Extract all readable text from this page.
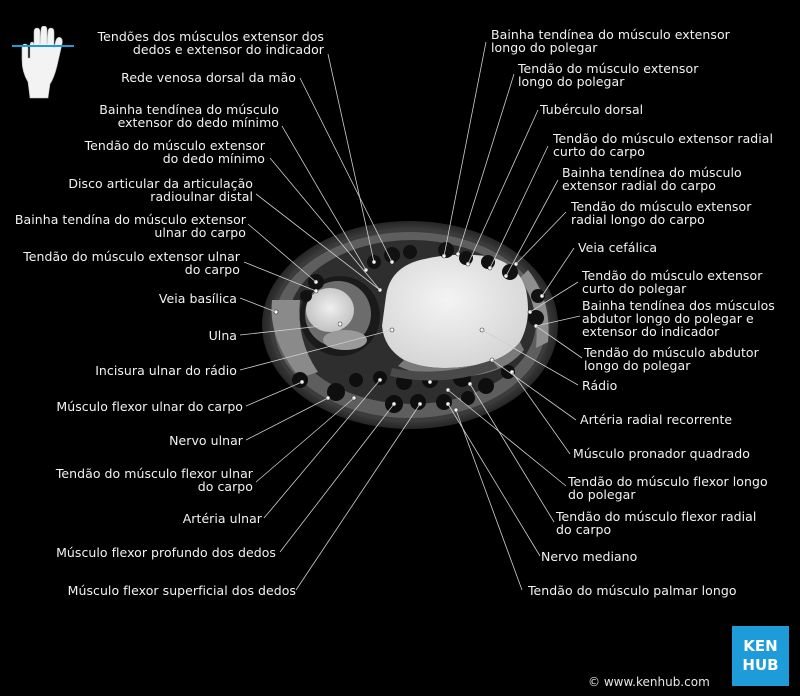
Tendões dos músculos extensor dos
dedos e extensor do indicador
Rede venosa dorsal da mão
Bainha tendínea do músculo
extensor do dedo mínimo
Tendão do músculo extensor
do dedo mínimo
Disco articular da articulação
radioulnar distal
Bainha tendína do músculo extensor
ulnar do carpo
Tendão do músculo extensor ulnar
do carpo
Veia basílica
Ulna
Incisura ulnar do rádio
Músculo flexor ulnar do carpo
Nervo ulnar
Tendão do músculo flexor ulnar
do carpo
Artéria ulnar
Músculo flexor profundo dos dedos
Músculo flexor superficial dos dedos
Bainha tendínea do músculo extensor
longo do polegar
Tendão do músculo extensor
longo do polegar
Tubérculo dorsal
Tendão do músculo extensor radial
curto do carpo
Bainha tendínea do músculo
extensor radial do carpo
Tendão do músculo extensor
radial longo do carpo
Veia cefálica
Tendão do músculo extensor
curto do polegar
Bainha tendínea dos músculos
abdutor longo do polegar e
extensor do indicador
Tendão do músculo abdutor
longo do polegar
Rádio
Artéria radial recorrente
Músculo pronador quadrado
Tendão do músculo flexor longo
do polegar
Tendão do músculo flexor radial
do carpo
Nervo mediano
Tendão do músculo palmar longo
© www.kenhub.com
KEN
HUB
